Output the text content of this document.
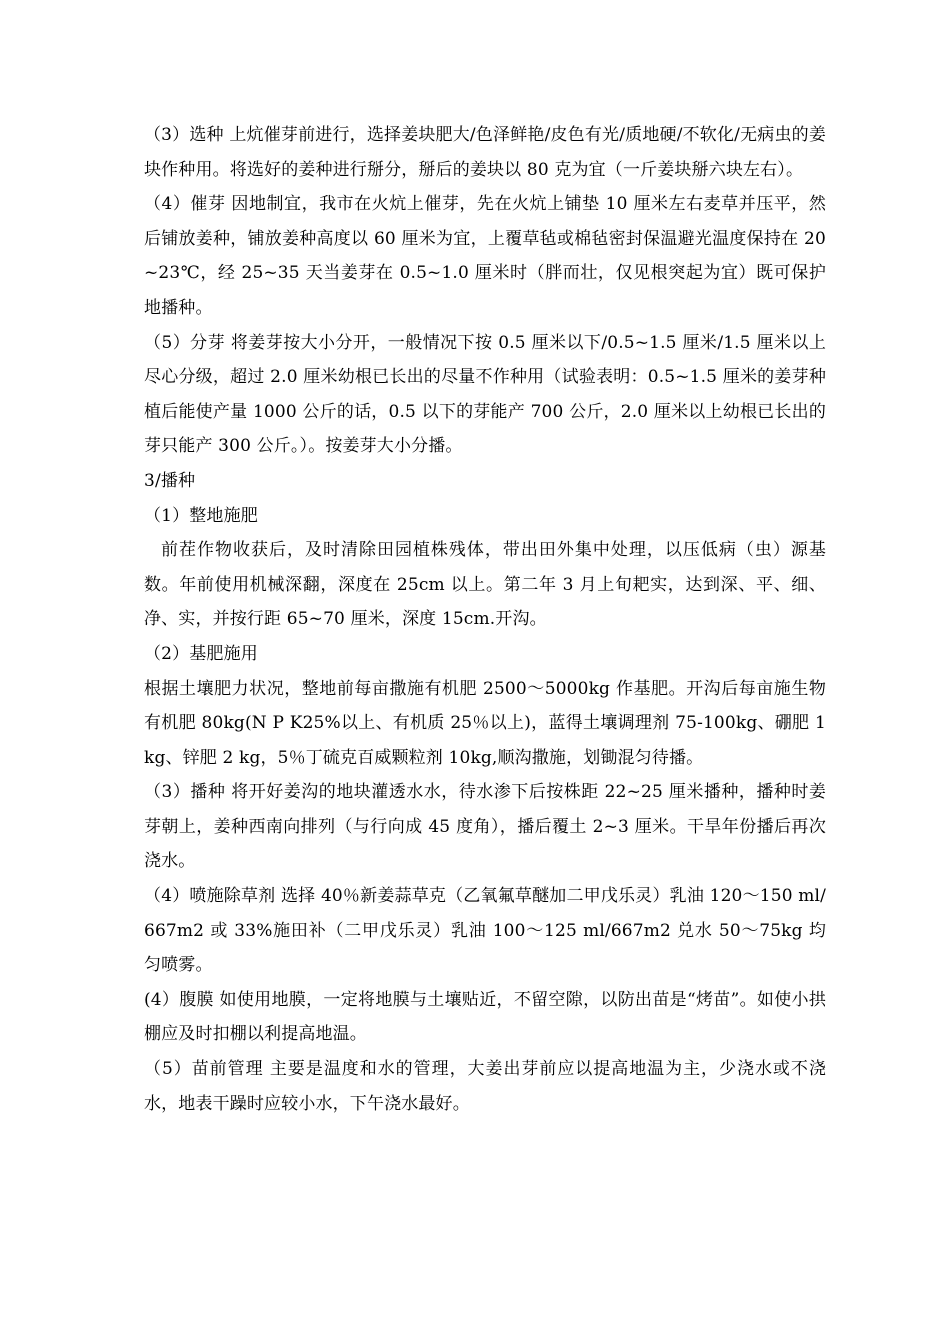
（3）选种 上炕催芽前进行，选择姜块肥大/色泽鲜艳/皮色有光/质地硬/不软化/无病虫的姜块作种用。将选好的姜种进行掰分，掰后的姜块以 80 克为宜（一斤姜块掰六块左右）。

（4）催芽 因地制宜，我市在火炕上催芽，先在火炕上铺垫 10 厘米左右麦草并压平，然后铺放姜种，铺放姜种高度以 60 厘米为宜，上覆草毡或棉毡密封保温避光温度保持在 20~23℃，经 25~35 天当姜芽在 0.5~1.0 厘米时（胖而壮，仅见根突起为宜）既可保护地播种。

（5）分芽 将姜芽按大小分开，一般情况下按 0.5 厘米以下/0.5~1.5 厘米/1.5 厘米以上尽心分级，超过 2.0 厘米幼根已长出的尽量不作种用（试验表明：0.5~1.5 厘米的姜芽种植后能使产量 1000 公斤的话，0.5 以下的芽能产 700 公斤，2.0 厘米以上幼根已长出的芽只能产 300 公斤。）。按姜芽大小分播。

3/播种

（1）整地施肥

前茬作物收获后，及时清除田园植株残体，带出田外集中处理，以压低病（虫）源基数。年前使用机械深翻，深度在 25cm 以上。第二年 3 月上旬耙实，达到深、平、细、净、实，并按行距 65~70 厘米，深度 15cm.开沟。

（2）基肥施用

根据土壤肥力状况，整地前每亩撒施有机肥 2500～5000kg 作基肥。开沟后每亩施生物有机肥 80kg(N P K25%以上、有机质 25％以上)，蓝得土壤调理剂 75-100kg、硼肥 1 kg、锌肥 2 kg，5％丁硫克百威颗粒剂 10kg,顺沟撒施，划锄混匀待播。

（3）播种 将开好姜沟的地块灌透水水，待水渗下后按株距 22~25 厘米播种，播种时姜芽朝上，姜种西南向排列（与行向成 45 度角），播后覆土 2~3 厘米。干旱年份播后再次浇水。

（4）喷施除草剂 选择 40％新姜蒜草克（乙氧氟草醚加二甲戊乐灵）乳油 120～150 ml/667m2 或 33%施田补（二甲戊乐灵）乳油 100～125 ml/667m2 兑水 50～75kg 均匀喷雾。

(4）腹膜 如使用地膜，一定将地膜与土壤贴近，不留空隙，以防出苗是“烤苗”。如使小拱棚应及时扣棚以利提高地温。

（5）苗前管理 主要是温度和水的管理，大姜出芽前应以提高地温为主，少浇水或不浇水，地表干躁时应较小水，下午浇水最好。
